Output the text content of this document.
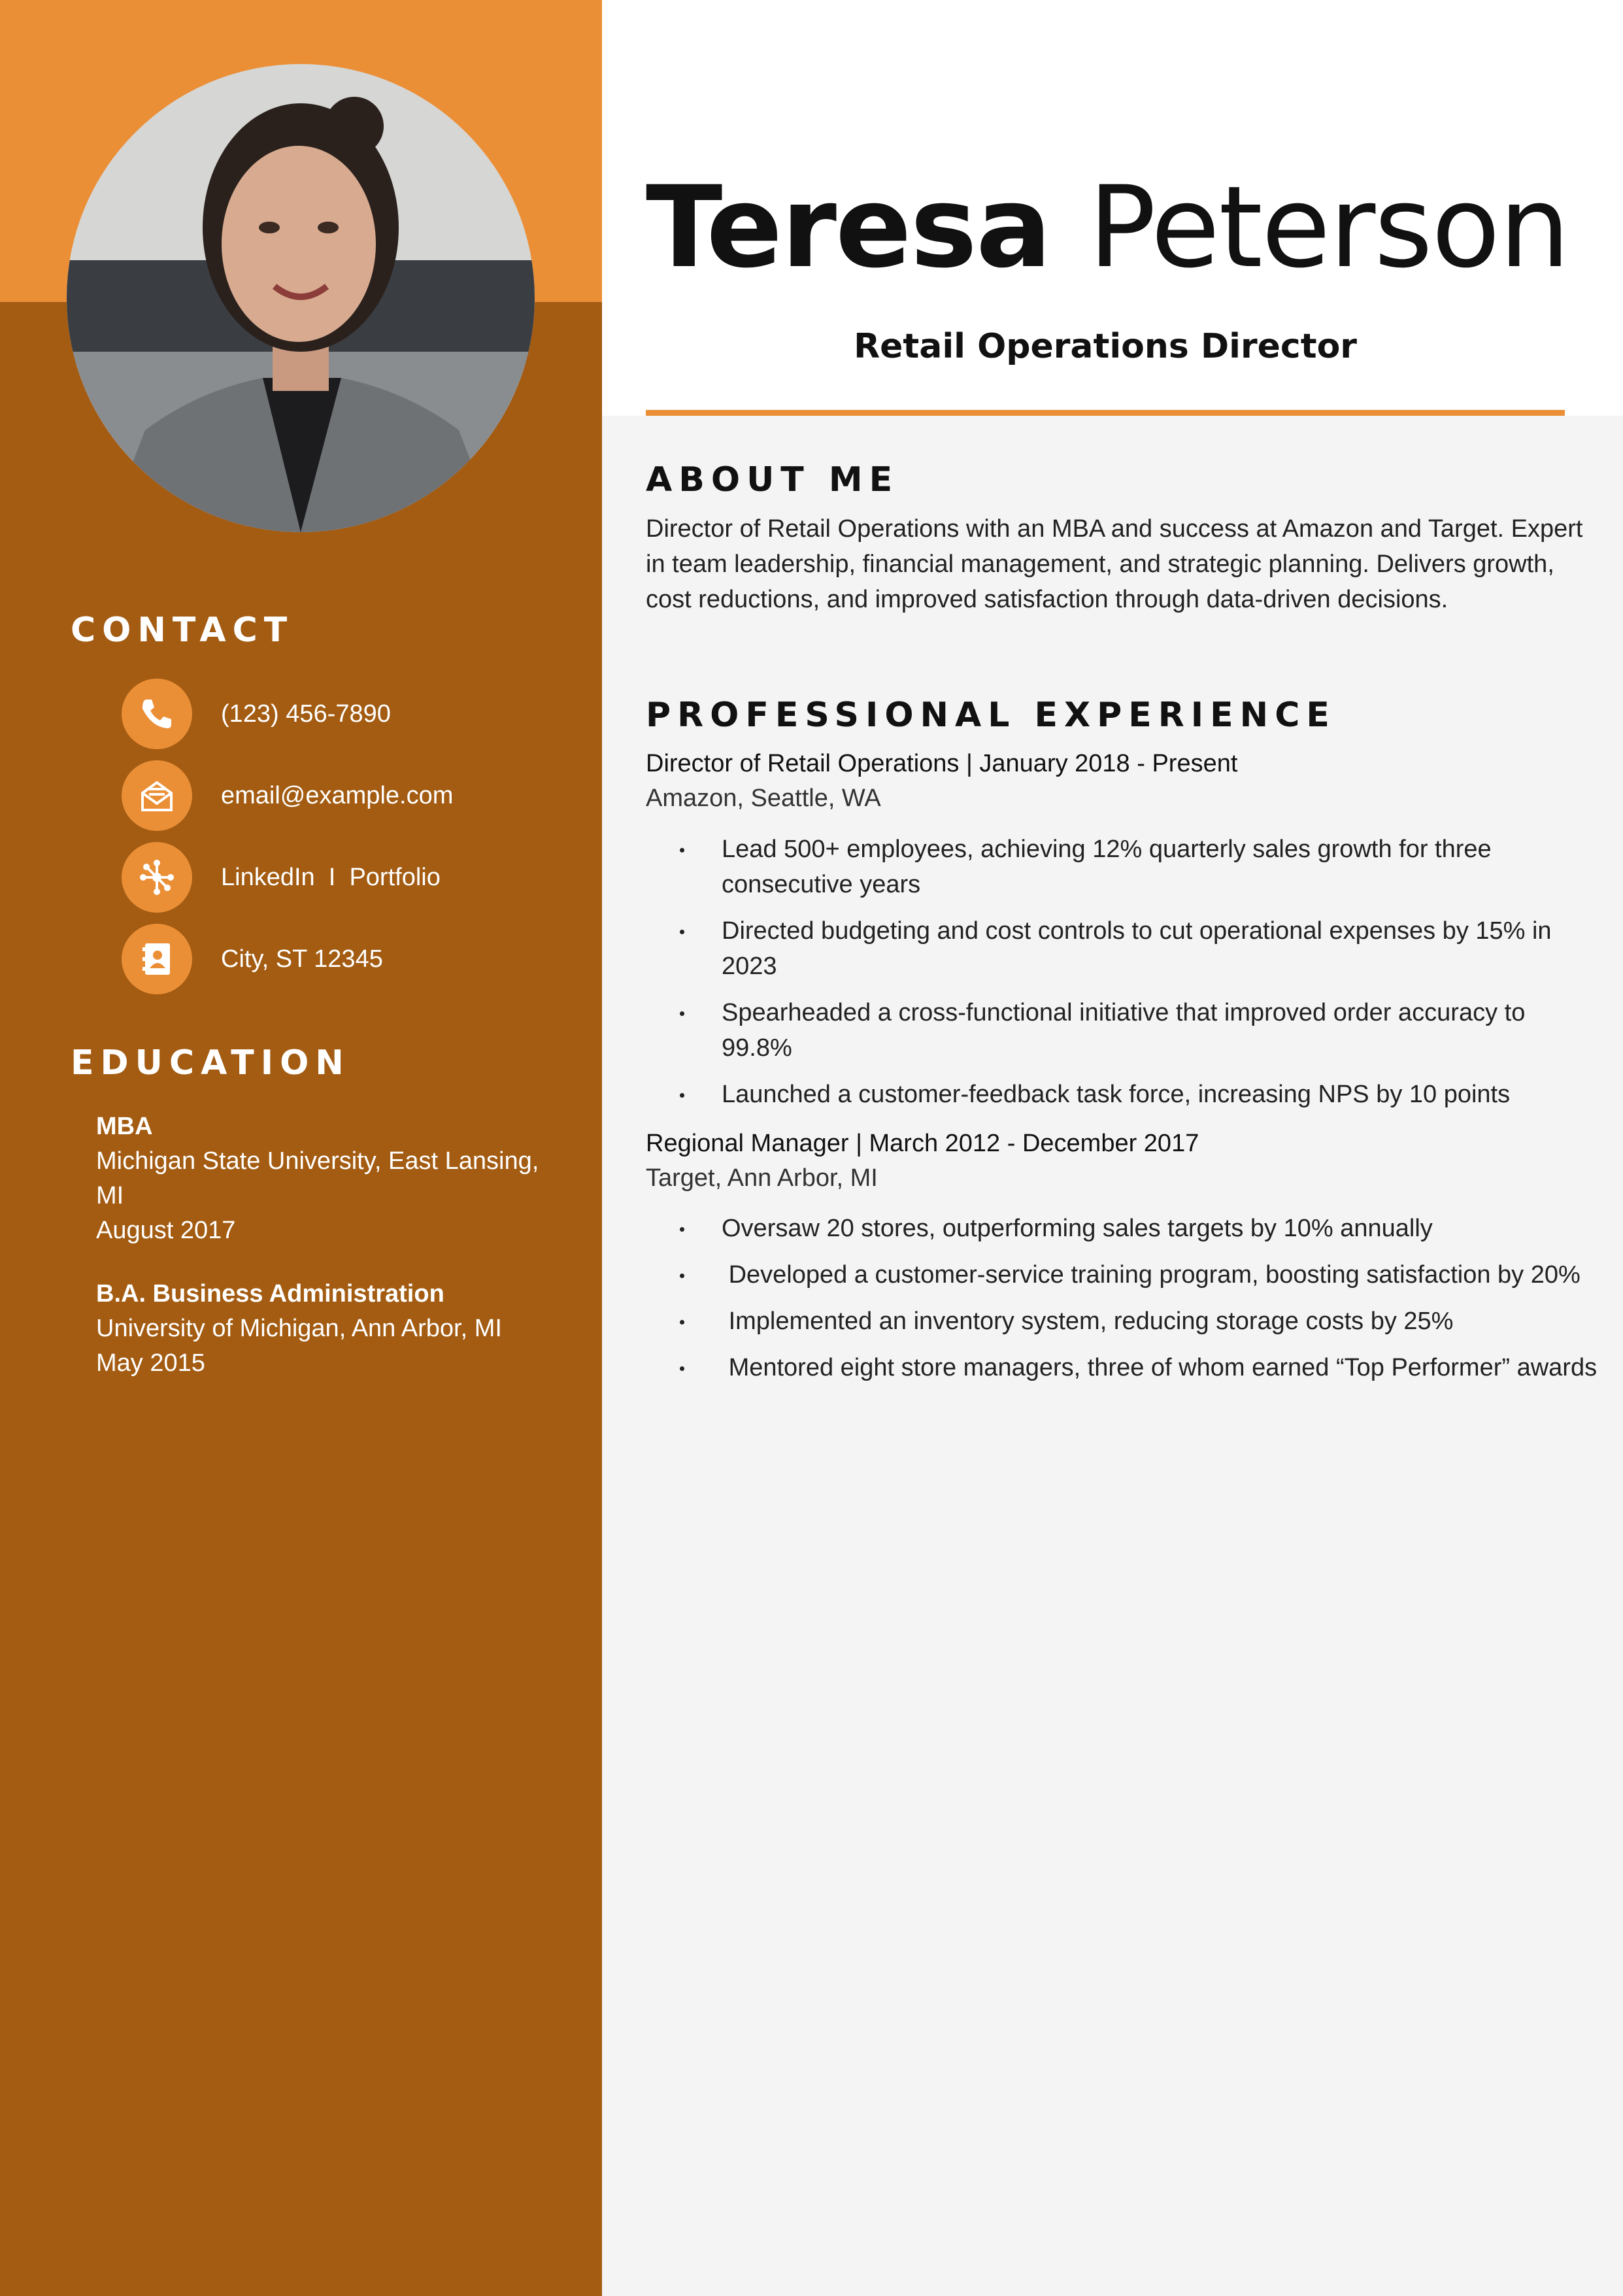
CONTACT
(123) 456-7890
email@example.com
LinkedIn  I  Portfolio
City, ST 12345
EDUCATION
MBA
Michigan State University, East Lansing, MI
August 2017
B.A. Business Administration
University of Michigan, Ann Arbor, MI
May 2015
Teresa Peterson
Retail Operations Director
ABOUT ME

Director of Retail Operations with an MBA and success at Amazon and Target. Expert in team leadership, financial management, and strategic planning. Delivers growth, cost reductions, and improved satisfaction through data-driven decisions.

PROFESSIONAL EXPERIENCE

Director of Retail Operations | January 2018 - Present

Amazon, Seattle, WA

Lead 500+ employees, achieving 12% quarterly sales growth for three consecutive years
Directed budgeting and cost controls to cut operational expenses by 15% in 2023
Spearheaded a cross-functional initiative that improved order accuracy to 99.8%
Launched a customer-feedback task force, increasing NPS by 10 points

Regional Manager | March 2012 - December 2017

Target, Ann Arbor, MI

Oversaw 20 stores, outperforming sales targets by 10% annually
Developed a customer-service training program, boosting satisfaction by 20%
Implemented an inventory system, reducing storage costs by 25%
Mentored eight store managers, three of whom earned “Top Performer” awards
